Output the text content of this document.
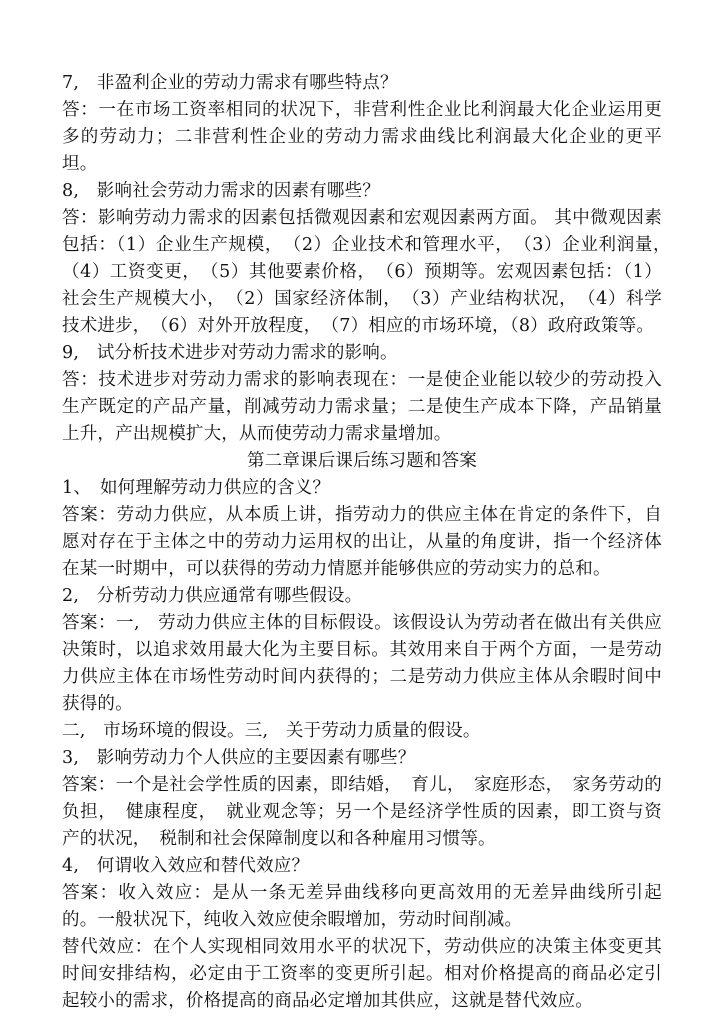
7,　非盈利企业的劳动力需求有哪些特点？

答：一在市场工资率相同的状况下，非营利性企业比利润最大化企业运用更多的劳动力；二非营利性企业的劳动力需求曲线比利润最大化企业的更平坦。

8,　影响社会劳动力需求的因素有哪些？

答：影响劳动力需求的因素包括微观因素和宏观因素两方面。 其中微观因素包括：（1）企业生产规模，　（2）企业技术和管理水平，　（3）企业利润量，　（4）工资变更，　（5）其他要素价格，　（6）预期等。宏观因素包括：（1）社会生产规模大小，　（2）国家经济体制，　（3）产业结构状况，　（4）科学技术进步，　（6）对外开放程度，　（7）相应的市场环境，（8）政府政策等。

9,　试分析技术进步对劳动力需求的影响。

答：技术进步对劳动力需求的影响表现在：一是使企业能以较少的劳动投入生产既定的产品产量，削减劳动力需求量；二是使生产成本下降，产品销量上升，产出规模扩大，从而使劳动力需求量增加。

第二章课后课后练习题和答案

1、　如何理解劳动力供应的含义？

答案：劳动力供应，从本质上讲，指劳动力的供应主体在肯定的条件下，自愿对存在于主体之中的劳动力运用权的出让，从量的角度讲，指一个经济体在某一时期中，可以获得的劳动力情愿并能够供应的劳动实力的总和。

2,　分析劳动力供应通常有哪些假设。

答案：一,　劳动力供应主体的目标假设。该假设认为劳动者在做出有关供应决策时，以追求效用最大化为主要目标。其效用来自于两个方面，一是劳动力供应主体在市场性劳动时间内获得的；二是劳动力供应主体从余暇时间中获得的。

二,　市场环境的假设。三,　关于劳动力质量的假设。

3,　影响劳动力个人供应的主要因素有哪些？

答案：一个是社会学性质的因素，即结婚，　育儿，　家庭形态，　家务劳动的负担，　健康程度，　就业观念等；另一个是经济学性质的因素，即工资与资产的状况，　税制和社会保障制度以和各种雇用习惯等。

4,　何谓收入效应和替代效应？

答案：收入效应：是从一条无差异曲线移向更高效用的无差异曲线所引起的。一般状况下，纯收入效应使余暇增加，劳动时间削减。

替代效应：在个人实现相同效用水平的状况下，劳动供应的决策主体变更其时间安排结构，必定由于工资率的变更所引起。相对价格提高的商品必定引起较小的需求，价格提高的商品必定增加其供应，这就是替代效应。
